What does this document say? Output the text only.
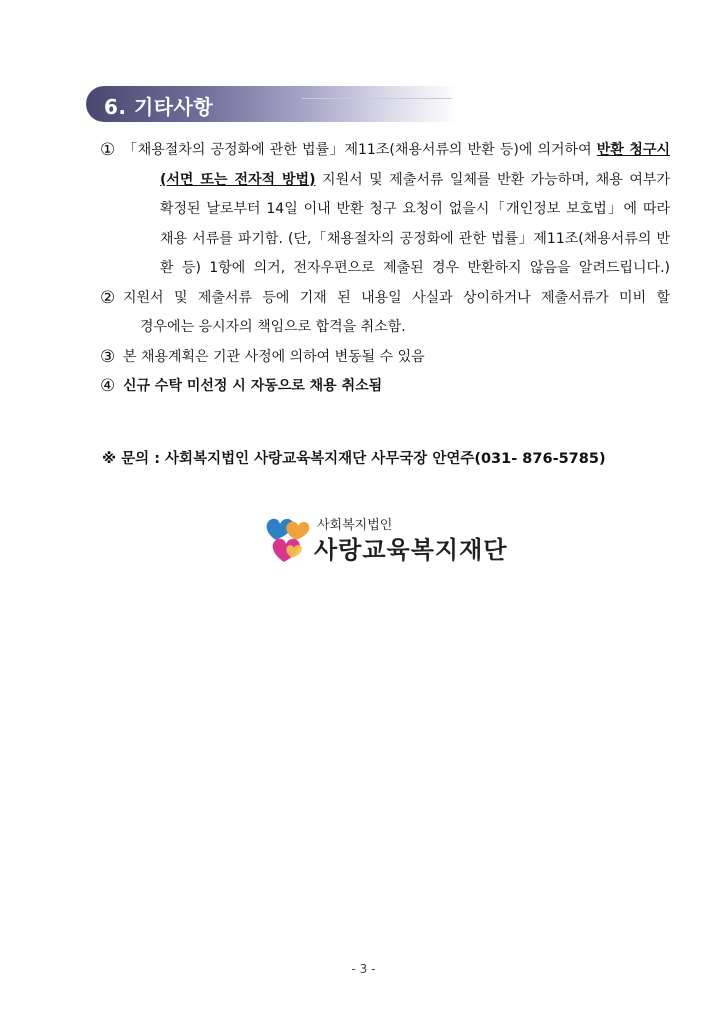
6. 기타사항
① 「채용절차의 공정화에 관한 법률」제11조(채용서류의 반환 등)에 의거하여 반환 청구시
(서면 또는 전자적 방법) 지원서 및 제출서류 일체를 반환 가능하며, 채용 여부가
확정된 날로부터 14일 이내 반환 청구 요청이 없을시「개인정보 보호법」에 따라
채용 서류를 파기함. (단,「채용절차의 공정화에 관한 법률」제11조(채용서류의 반
환 등) 1항에 의거, 전자우편으로 제출된 경우 반환하지 않음을 알려드립니다.)
② 지원서 및 제출서류 등에 기재 된 내용일 사실과 상이하거나 제출서류가 미비 할
경우에는 응시자의 책임으로 합격을 취소함.
③ 본 채용계획은 기관 사정에 의하여 변동될 수 있음
④ 신규 수탁 미선정 시 자동으로 채용 취소됨
※ 문의 : 사회복지법인 사랑교육복지재단 사무국장 안연주(031- 876-5785)
사회복지법인
사랑교육복지재단
- 3 -
